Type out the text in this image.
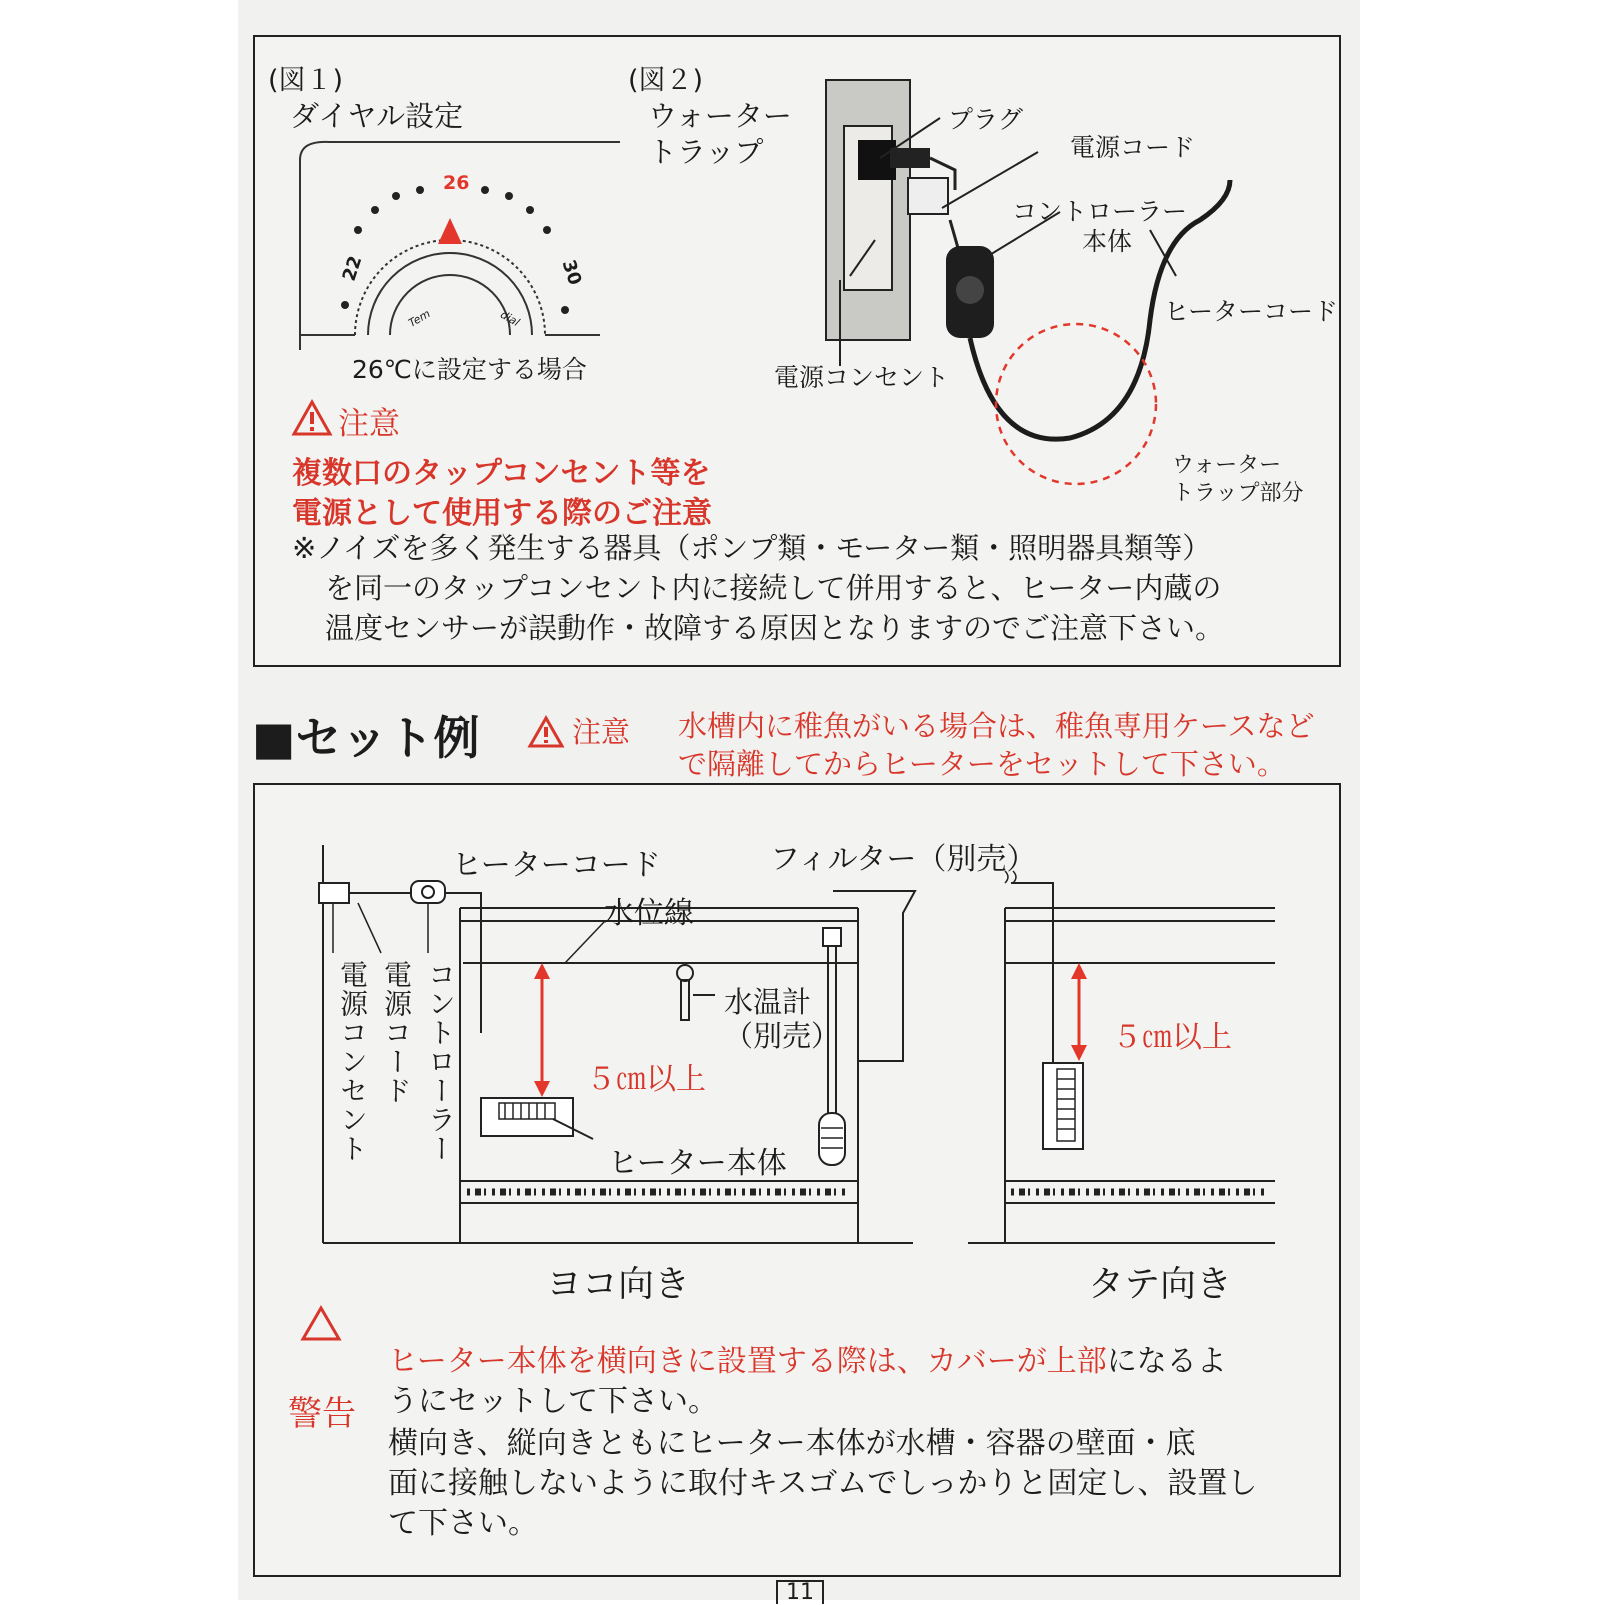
(図１)
ダイヤル設定
26
22	30
Tem	dial
26℃に設定する場合
(図２)
ウォーター
トラップ
プラグ
電源コード
コントローラー
本体
ヒーターコード
電源コンセント
ウォーター
トラップ部分
注意
複数口のタップコンセント等を
電源として使用する際のご注意
※ノイズを多く発生する器具（ポンプ類・モーター類・照明器具類等）
を同一のタップコンセント内に接続して併用すると、ヒーター内蔵の
温度センサーが誤動作・故障する原因となりますのでご注意下さい。
■セット例	注意 水槽内に稚魚がいる場合は、稚魚専用ケースなど
で隔離してからヒーターをセットして下さい。
ヒーターコード	フィルター（別売）
水位線
水温計
（別売）
５㎝以上
５㎝以上
ヒーター本体
電源コンセント 電源コード コントローラー
ヨコ向き	タテ向き
警告
ヒーター本体を横向きに設置する際は、カバーが上部になるよ
うにセットして下さい。
横向き、縦向きともにヒーター本体が水槽・容器の壁面・底
面に接触しないように取付キスゴムでしっかりと固定し、設置し
て下さい。
11
